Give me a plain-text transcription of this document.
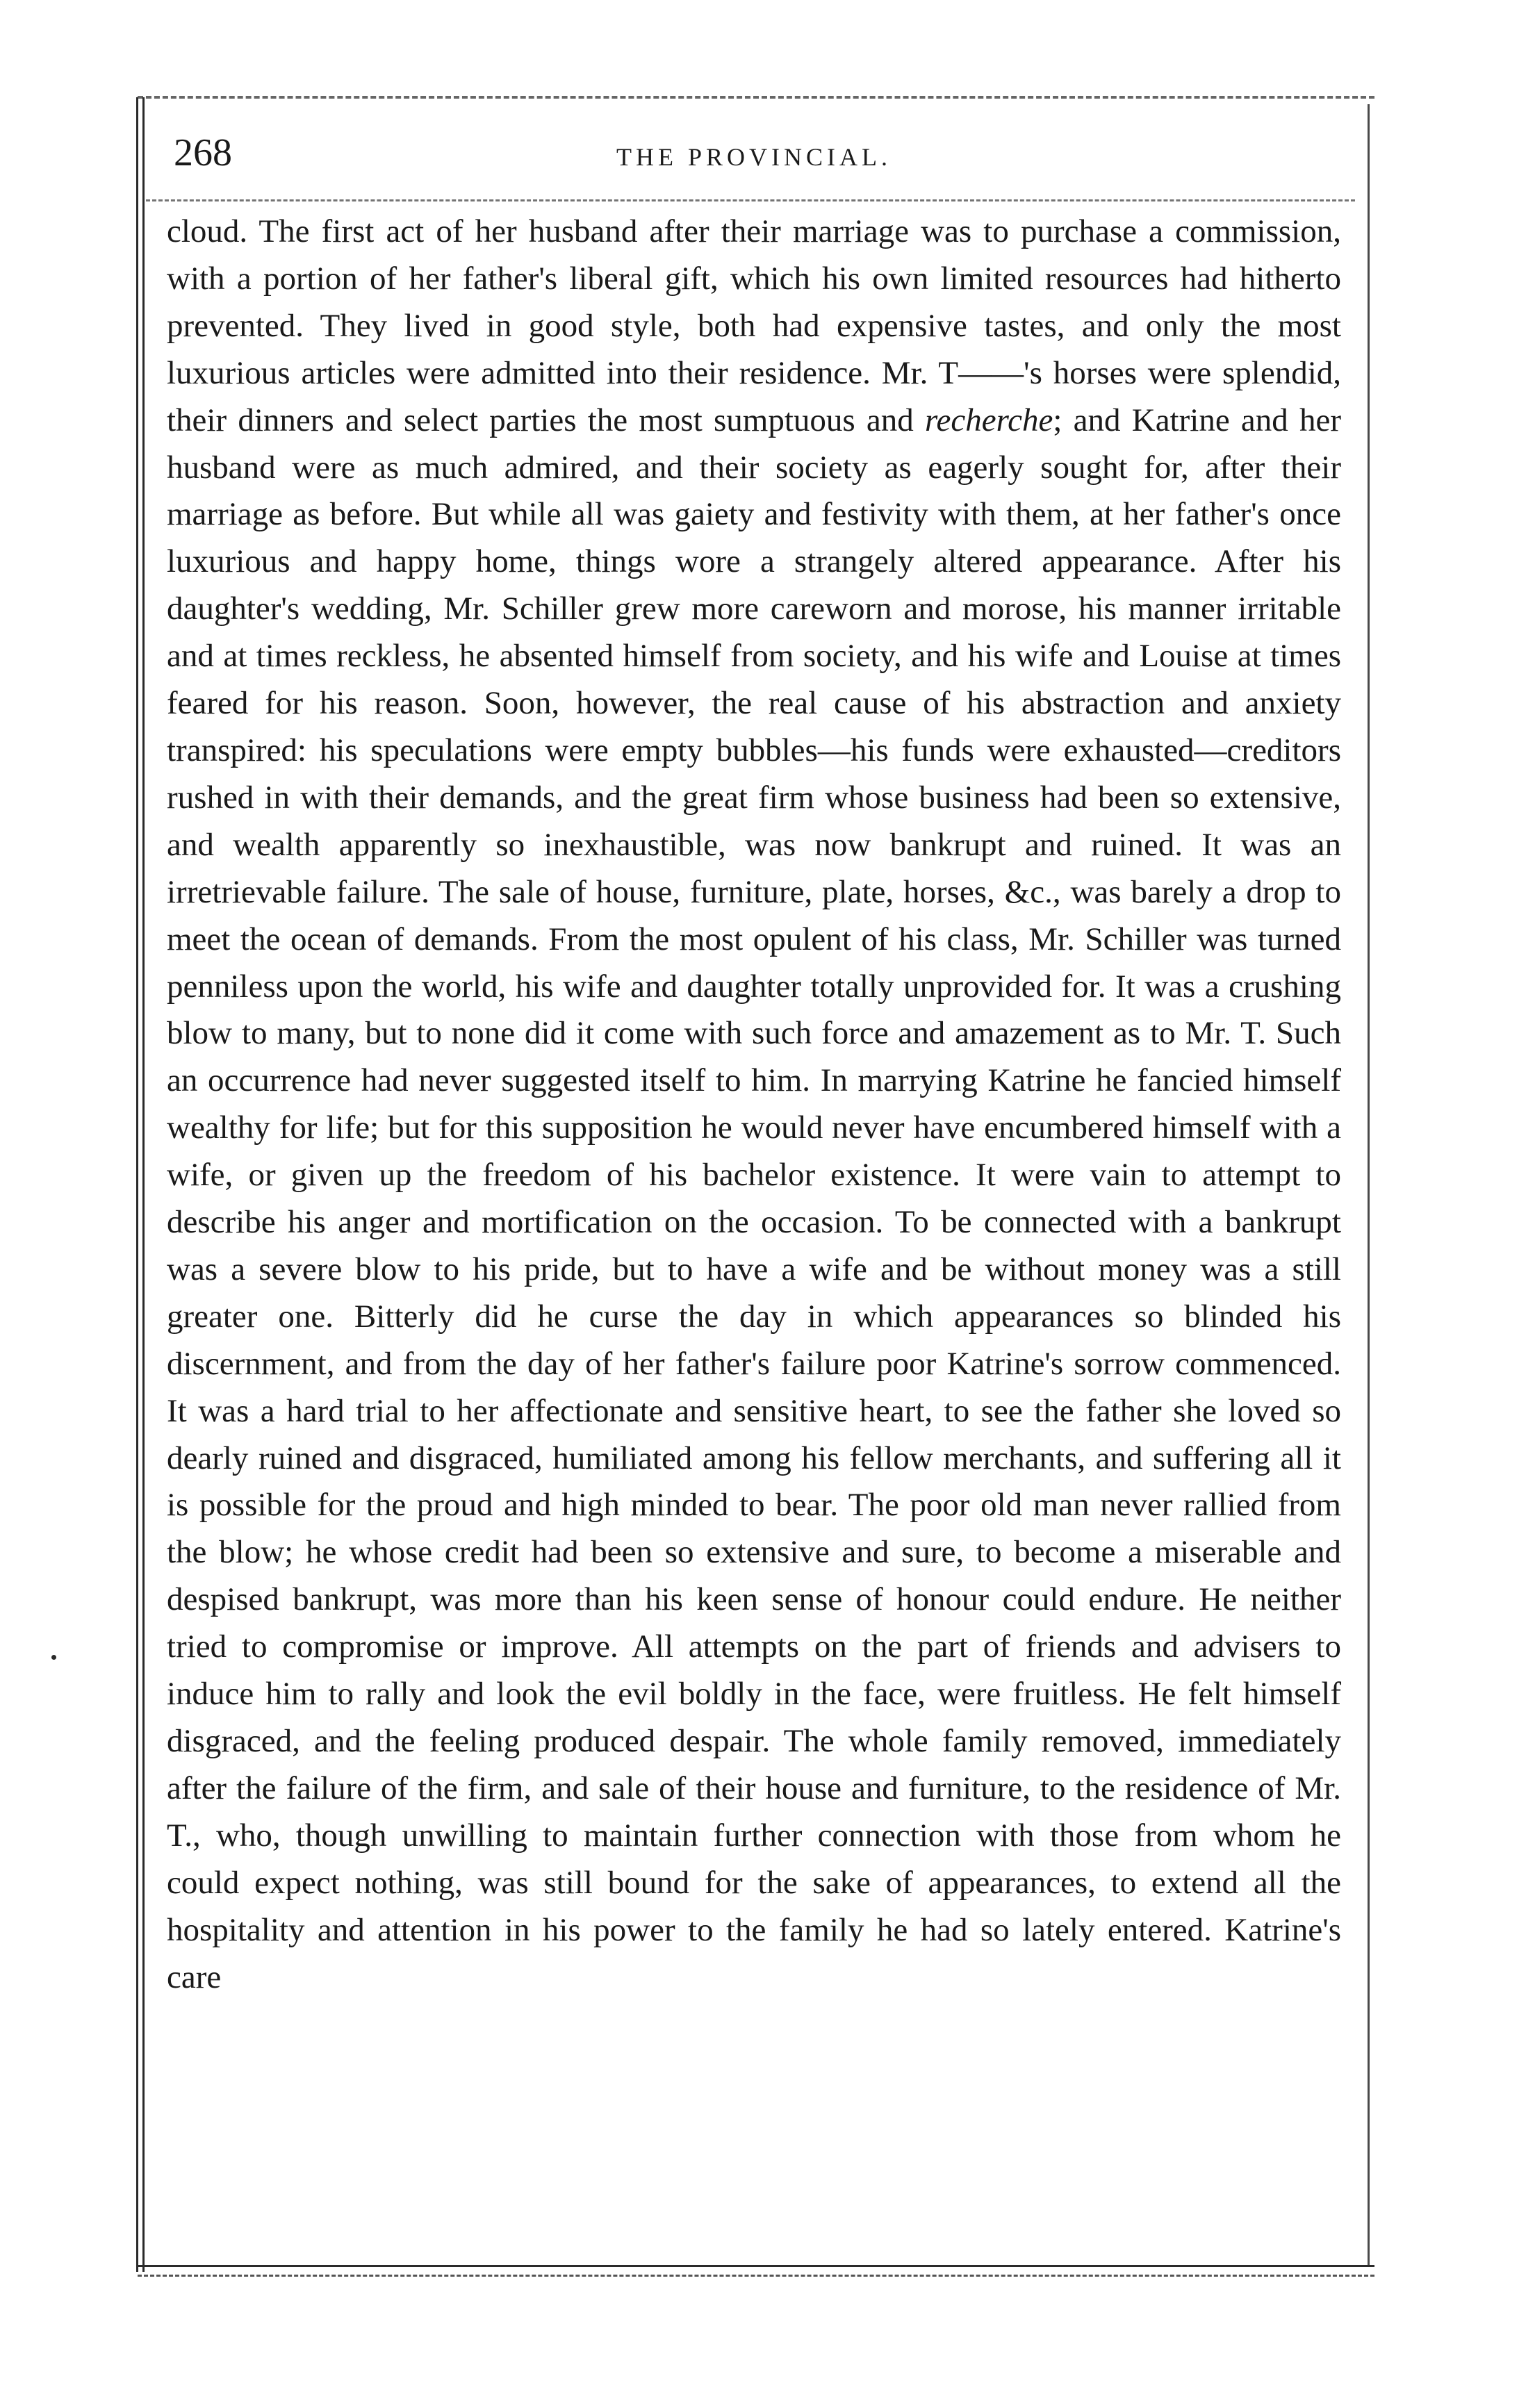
268	THE PROVINCIAL.

cloud. The first act of her husband after their marriage was to purchase a commission, with a portion of her father's liberal gift, which his own limited resources had hitherto prevented. They lived in good style, both had expensive tastes, and only the most luxurious articles were admitted into their residence. Mr. T——'s horses were splendid, their dinners and select parties the most sumptuous and recherche; and Katrine and her husband were as much admired, and their society as eagerly sought for, after their marriage as before. But while all was gaiety and festivity with them, at her father's once luxurious and happy home, things wore a strangely altered appearance. After his daughter's wedding, Mr. Schiller grew more careworn and morose, his manner irritable and at times reckless, he absented himself from society, and his wife and Louise at times feared for his reason. Soon, however, the real cause of his abstraction and anxiety transpired: his speculations were empty bubbles—his funds were exhausted—creditors rushed in with their demands, and the great firm whose business had been so extensive, and wealth apparently so inexhaustible, was now bankrupt and ruined. It was an irretrievable failure. The sale of house, furniture, plate, horses, &c., was barely a drop to meet the ocean of demands. From the most opulent of his class, Mr. Schiller was turned penniless upon the world, his wife and daughter totally unprovided for. It was a crushing blow to many, but to none did it come with such force and amazement as to Mr. T. Such an occurrence had never suggested itself to him. In marrying Katrine he fancied himself wealthy for life; but for this supposition he would never have encumbered himself with a wife, or given up the freedom of his bachelor existence. It were vain to attempt to describe his anger and mortification on the occasion. To be connected with a bankrupt was a severe blow to his pride, but to have a wife and be without money was a still greater one. Bitterly did he curse the day in which appearances so blinded his discernment, and from the day of her father's failure poor Katrine's sorrow commenced. It was a hard trial to her affectionate and sensitive heart, to see the father she loved so dearly ruined and disgraced, humiliated among his fellow merchants, and suffering all it is possible for the proud and high minded to bear. The poor old man never rallied from the blow; he whose credit had been so extensive and sure, to become a miserable and despised bankrupt, was more than his keen sense of honour could endure. He neither tried to compromise or improve. All attempts on the part of friends and advisers to induce him to rally and look the evil boldly in the face, were fruitless. He felt himself disgraced, and the feeling produced despair. The whole family removed, immediately after the failure of the firm, and sale of their house and furniture, to the residence of Mr. T., who, though unwilling to maintain further connection with those from whom he could expect nothing, was still bound for the sake of appearances, to extend all the hospitality and attention in his power to the family he had so lately entered. Katrine's care
